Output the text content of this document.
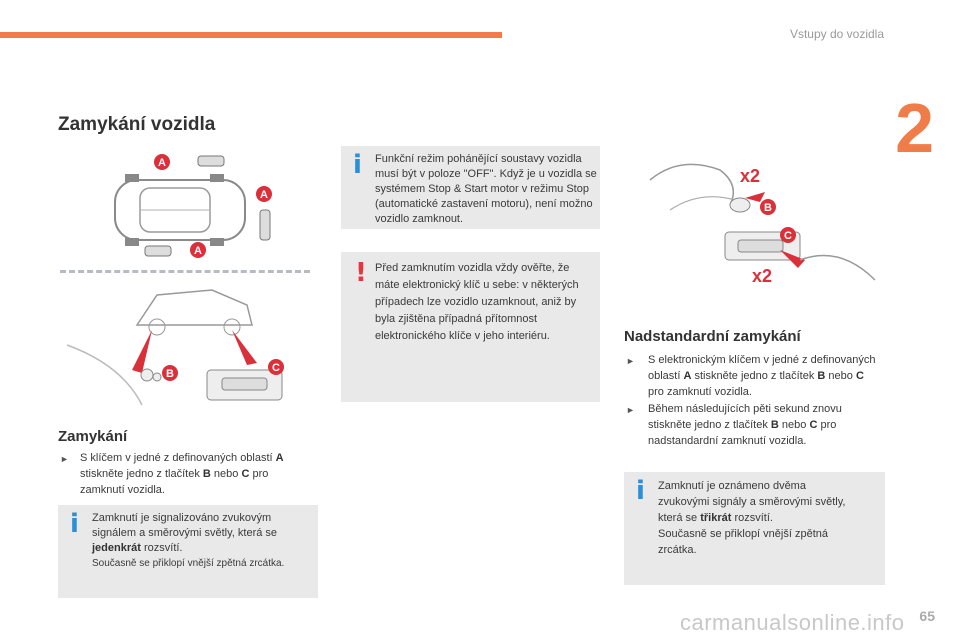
Vstupy do vozidla
2
Zamykání vozidla
A
A
A
B	C
Zamykání
► S klíčem v jedné z definovaných oblastí A stiskněte jedno z tlačítek B nebo C pro zamknutí vozidla.
i Zamknutí je signalizováno zvukovým
signálem a směrovými světly, která se
jedenkrát rozsvítí.
Současně se přiklopí vnější zpětná zrcátka.
i Funkční režim pohánějící soustavy vozidla musí být v poloze "OFF". Když je u vozidla se systémem Stop & Start motor v režimu Stop (automatické zastavení motoru), není možno vozidlo zamknout.
! Před zamknutím vozidla vždy ověřte, že máte elektronický klíč u sebe: v některých případech lze vozidlo uzamknout, aniž by byla zjištěna případná přítomnost elektronického klíče v jeho interiéru.
x2
B
C
x2
Nadstandardní zamykání
► S elektronickým klíčem v jedné z definovaných oblastí A stiskněte jedno z tlačítek B nebo C pro zamknutí vozidla.
► Během následujících pěti sekund znovu stiskněte jedno z tlačítek B nebo C pro nadstandardní zamknutí vozidla.
i Zamknutí je oznámeno dvěma
zvukovými signály a směrovými světly,
která se třikrát rozsvítí.
Současně se přiklopí vnější zpětná
zrcátka.
65
carmanualsonline.info
